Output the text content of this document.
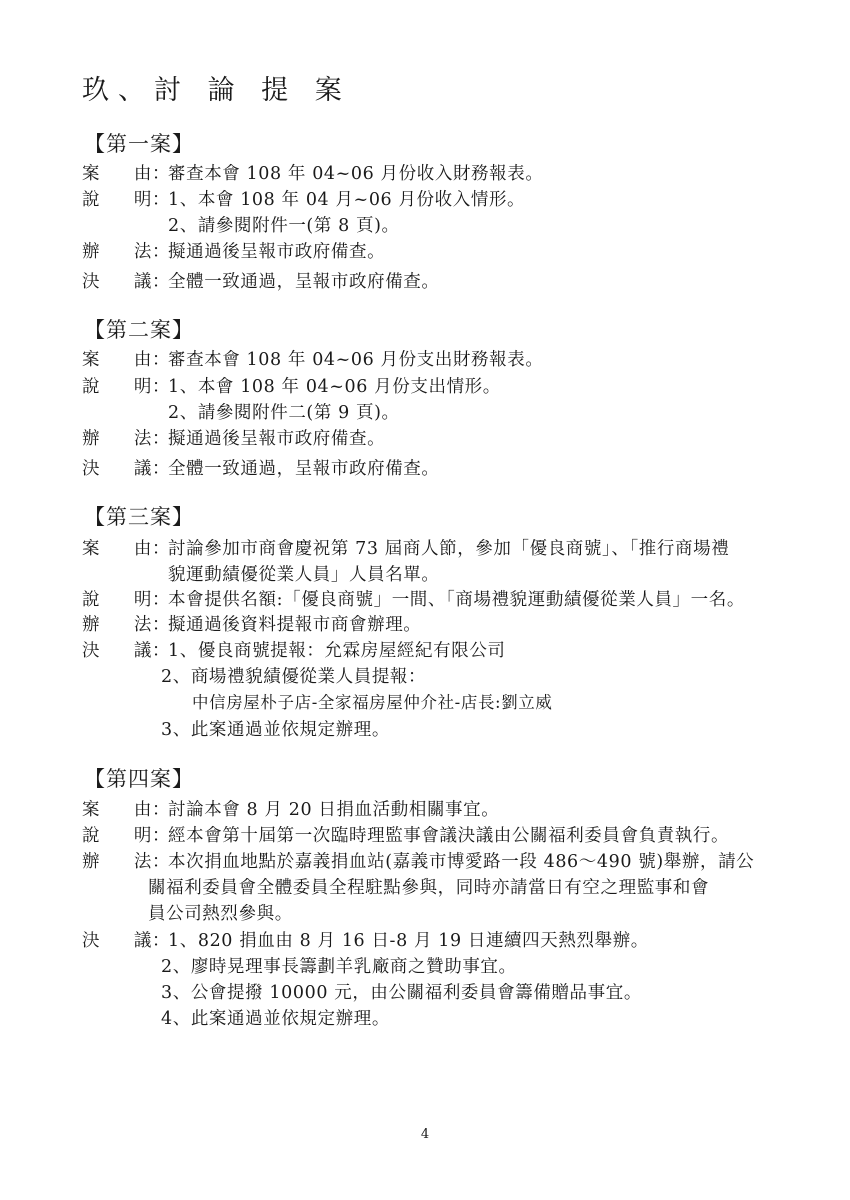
玖、討 論 提 案
【第一案】
案 由 ：
審查本會 108 年 04~06 月份收入財務報表。
說 明 ：
1、本會 108 年 04 月~06 月份收入情形。
2、請參閱附件一(第 8 頁)。
辦 法 ：
擬通過後呈報市政府備查。
決 議 ：
全體一致通過，呈報市政府備查。
【第二案】
案 由 ：
審查本會 108 年 04~06 月份支出財務報表。
說 明 ：
1、本會 108 年 04~06 月份支出情形。
2、請參閱附件二(第 9 頁)。
辦 法 ：
擬通過後呈報市政府備查。
決 議 ：
全體一致通過，呈報市政府備查。
【第三案】
案 由 ：
討論參加市商會慶祝第 73 屆商人節，參加「優良商號」、「推行商場禮
貌運動績優從業人員」人員名單。
說 明 ：
本會提供名額:「優良商號」一間、「商場禮貌運動績優從業人員」一名。
辦 法 ：
擬通過後資料提報市商會辦理。
決 議 ：
1、優良商號提報：允霖房屋經紀有限公司
2、商場禮貌績優從業人員提報：
中信房屋朴子店-全家福房屋仲介社-店長:劉立威
3、此案通過並依規定辦理。
【第四案】
案 由 ：
討論本會 8 月 20 日捐血活動相關事宜。
說 明 ：
經本會第十屆第一次臨時理監事會議決議由公關福利委員會負責執行。
辦 法 ：
本次捐血地點於嘉義捐血站(嘉義市博愛路一段 486～490 號)舉辦，請公
關福利委員會全體委員全程駐點參與，同時亦請當日有空之理監事和會
員公司熱烈參與。
決 議 ：
1、820 捐血由 8 月 16 日-8 月 19 日連續四天熱烈舉辦。
2、廖時晃理事長籌劃羊乳廠商之贊助事宜。
3、公會提撥 10000 元，由公關福利委員會籌備贈品事宜。
4、此案通過並依規定辦理。
4
